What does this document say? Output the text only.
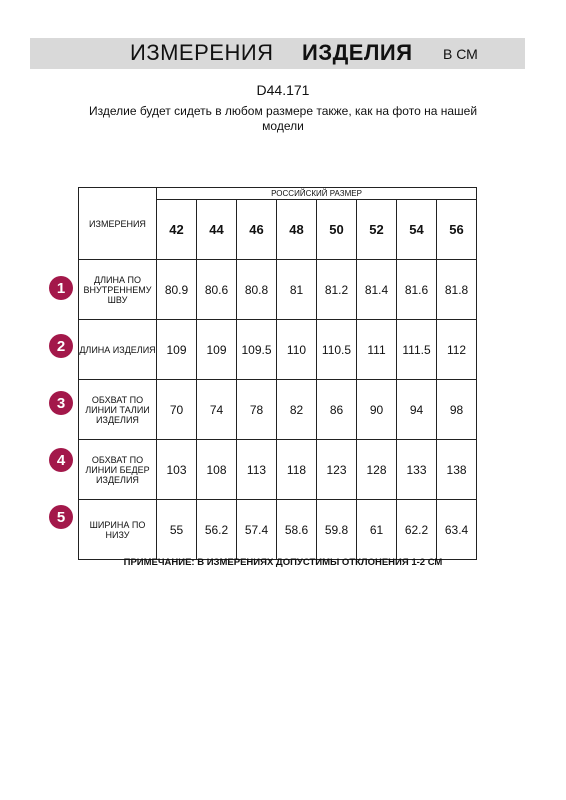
ИЗМЕРЕНИЯ ИЗДЕЛИЯ В СМ
D44.171
Изделие будет сидеть в любом размере также, как на фото на нашей модели
ИЗМЕРЕНИЯ	РОССИЙСКИЙ РАЗМЕР							
	42	44	46	48	50	52	54	56
ДЛИНА ПО ВНУТРЕННЕМУ ШВУ	80.9	80.6	80.8	81	81.2	81.4	81.6	81.8
ДЛИНА ИЗДЕЛИЯ	109	109	109.5	110	110.5	111	111.5	112
ОБХВАТ ПО ЛИНИИ ТАЛИИ ИЗДЕЛИЯ	70	74	78	82	86	90	94	98
ОБХВАТ ПО ЛИНИИ БЕДЕР ИЗДЕЛИЯ	103	108	113	118	123	128	133	138
ШИРИНА ПО НИЗУ	55	56.2	57.4	58.6	59.8	61	62.2	63.4
1
2
3
4
5
ПРИМЕЧАНИЕ: В ИЗМЕРЕНИЯХ ДОПУСТИМЫ ОТКЛОНЕНИЯ 1-2 СМ
